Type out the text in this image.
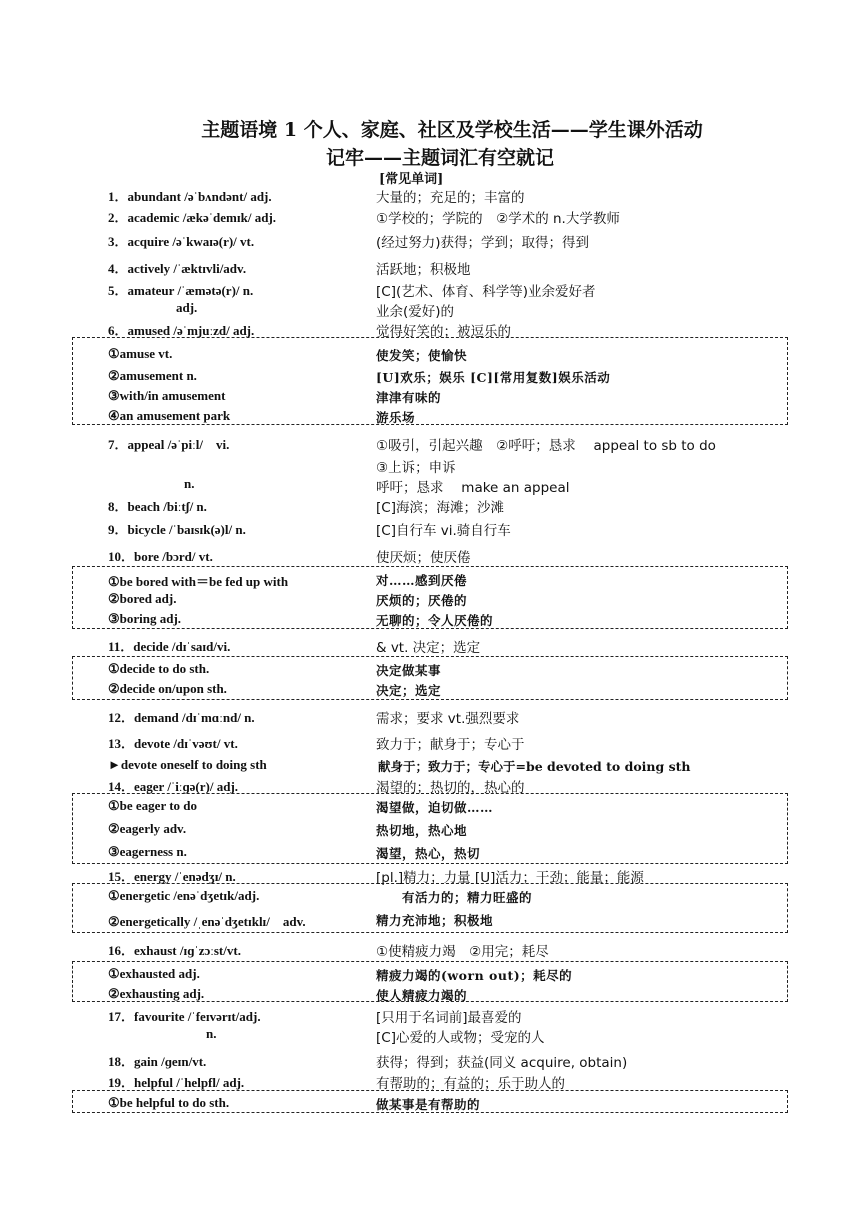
主题语境 1 个人、家庭、社区及学校生活——学生课外活动
记牢——主题词汇有空就记
[常见单词]
1．abundant /əˈbʌndənt/ adj.	大量的；充足的；丰富的
2．academic /ækəˈdemɪk/ adj.	①学校的；学院的　②学术的 n.大学教师
3．acquire /əˈkwaɪə(r)/ vt.	(经过努力)获得；学到；取得；得到
4．actively /ˈæktɪvli/adv.	活跃地；积极地
5．amateur /ˈæmətə(r)/ n.	[C](艺术、体育、科学等)业余爱好者
adj.	业余(爱好)的
6．amused /əˈmjuːzd/ adj.	觉得好笑的；被逗乐的
①amuse vt.	使发笑；使愉快
②amusement n.	[U]欢乐；娱乐 [C][常用复数]娱乐活动
③with/in amusement	津津有味的
④an amusement park	游乐场
7．appeal /əˈpiːl/　vi.	①吸引，引起兴趣　②呼吁；恳求　 appeal to sb to do
③上诉；申诉
n.	呼吁；恳求　 make an appeal
8．beach /biːtʃ/ n.	[C]海滨；海滩；沙滩
9．bicycle /ˈbaɪsɪk(ə)l/ n.	[C]自行车 vi.骑自行车
10．bore /bɔrd/ vt.	使厌烦；使厌倦
①be bored with＝be fed up with	对……感到厌倦
②bored adj.	厌烦的；厌倦的
③boring adj.	无聊的；令人厌倦的
11．decide /dɪˈsaɪd/vi.	& vt. 决定；选定
①decide to do sth.	决定做某事
②decide on/upon sth.	决定；选定
12．demand /dɪˈmɑːnd/ n.	需求；要求 vt.强烈要求
13．devote /dɪˈvəʊt/ vt.	致力于；献身于；专心于
►devote oneself to doing sth	献身于；致力于；专心于=be devoted to doing sth
14．eager /ˈiːɡə(r)/ adj.	渴望的；热切的，热心的
①be eager to do	渴望做，迫切做……
②eagerly adv.	热切地，热心地
③eagerness n.	渴望，热心，热切
15．energy /ˈenədʒɪ/ n.	[pl.]精力；力量 [U]活力；干劲；能量；能源
①energetic /enəˈdʒetɪk/adj.	　　有活力的；精力旺盛的
②energetically /ˌenəˈdʒetɪklɪ/　adv.	精力充沛地；积极地
16．exhaust /ɪɡˈzɔːst/vt.	①使精疲力竭　②用完；耗尽
①exhausted adj.	精疲力竭的(worn out)；耗尽的
②exhausting adj.	使人精疲力竭的
17．favourite /ˈfeɪvərɪt/adj.	[只用于名词前]最喜爱的
n.	[C]心爱的人或物；受宠的人
18．gain /ɡeɪn/vt.	获得；得到；获益(同义 acquire, obtain)
19．helpful /ˈhelpfl/ adj.	有帮助的；有益的；乐于助人的
①be helpful to do sth.	做某事是有帮助的
